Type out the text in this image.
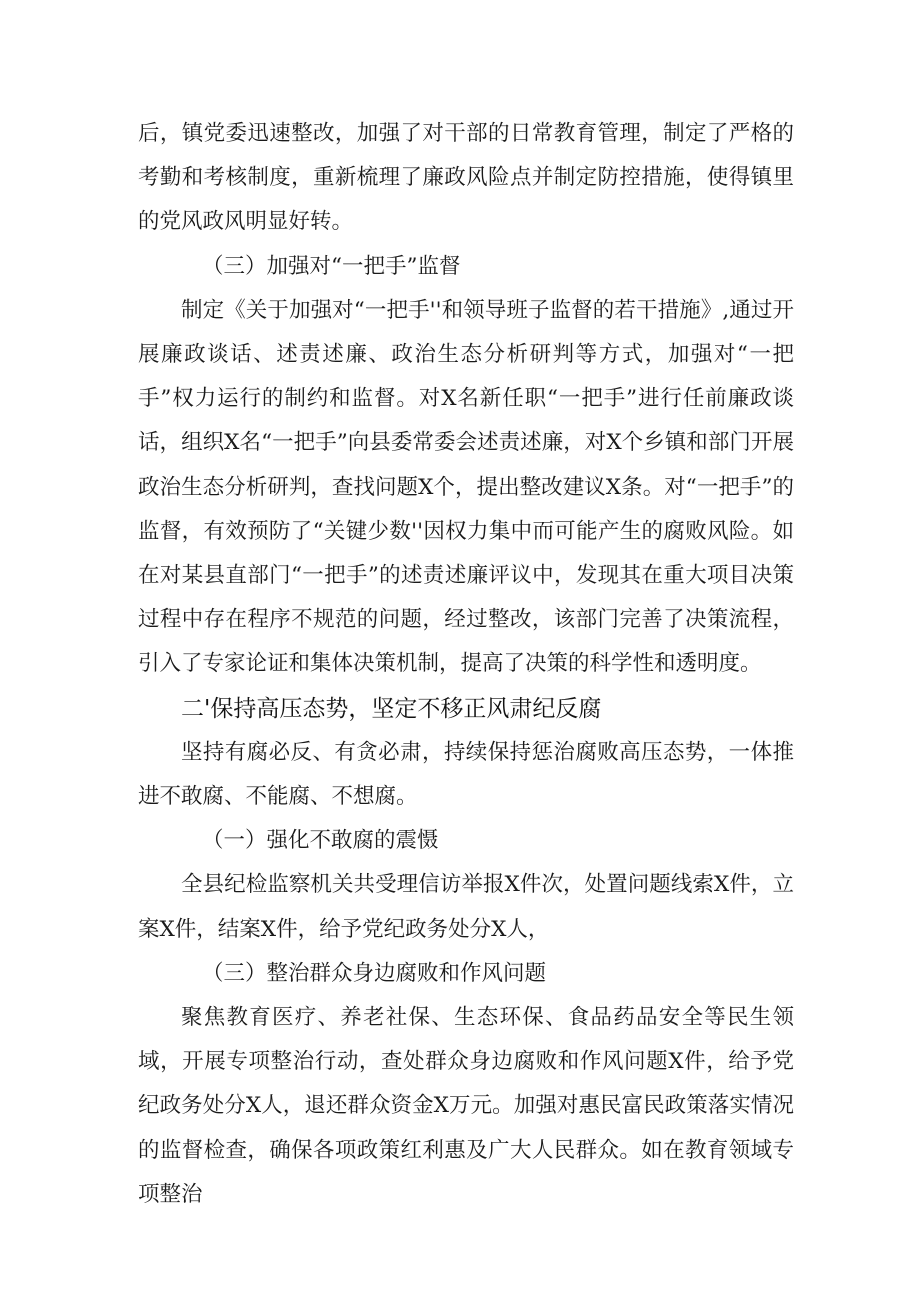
后，镇党委迅速整改，加强了对干部的日常教育管理，制定了严格的考勤和考核制度，重新梳理了廉政风险点并制定防控措施，使得镇里的党风政风明显好转。

（三）加强对“一把手”监督

制定《关于加强对“一把手''和领导班子监督的若干措施》,通过开展廉政谈话、述责述廉、政治生态分析研判等方式，加强对“一把手”权力运行的制约和监督。对X名新任职“一把手”进行任前廉政谈话，组织X名“一把手”向县委常委会述责述廉，对X个乡镇和部门开展政治生态分析研判，查找问题X个，提出整改建议X条。对“一把手”的监督，有效预防了“关键少数''因权力集中而可能产生的腐败风险。如在对某县直部门“一把手”的述责述廉评议中，发现其在重大项目决策过程中存在程序不规范的问题，经过整改，该部门完善了决策流程，引入了专家论证和集体决策机制，提高了决策的科学性和透明度。

二'保持高压态势，坚定不移正风肃纪反腐

坚持有腐必反、有贪必肃，持续保持惩治腐败高压态势，一体推进不敢腐、不能腐、不想腐。

（一）强化不敢腐的震慑

全县纪检监察机关共受理信访举报X件次，处置问题线索X件，立案X件，结案X件，给予党纪政务处分X人，

（三）整治群众身边腐败和作风问题

聚焦教育医疗、养老社保、生态环保、食品药品安全等民生领域，开展专项整治行动，查处群众身边腐败和作风问题X件，给予党纪政务处分X人，退还群众资金X万元。加强对惠民富民政策落实情况的监督检查，确保各项政策红利惠及广大人民群众。如在教育领域专项整治
